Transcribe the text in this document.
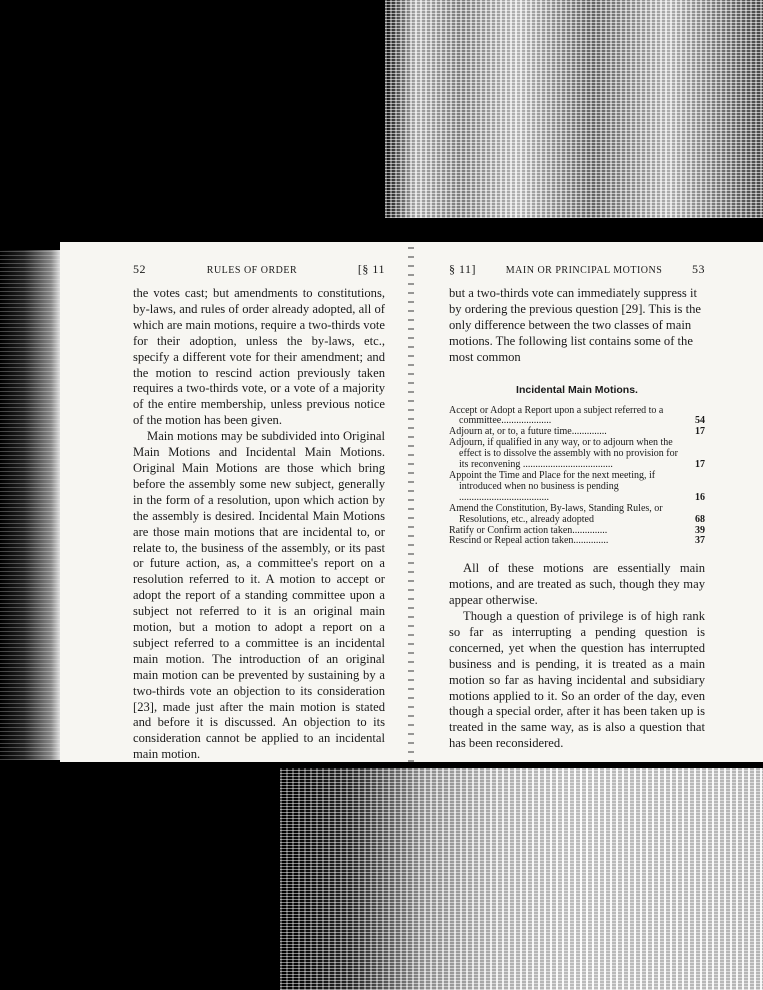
52	RULES OF ORDER	[§ 11

the votes cast; but amendments to constitutions, by-laws, and rules of order already adopted, all of which are main motions, require a two-thirds vote for their adoption, unless the by-laws, etc., specify a different vote for their amendment; and the motion to rescind action previously taken requires a two-thirds vote, or a vote of a majority of the entire membership, unless previous notice of the motion has been given.

Main motions may be subdivided into Original Main Motions and Incidental Main Motions. Original Main Motions are those which bring before the assembly some new subject, generally in the form of a resolution, upon which action by the assembly is desired. Incidental Main Motions are those main motions that are incidental to, or relate to, the business of the assembly, or its past or future action, as, a committee's report on a resolution referred to it. A motion to accept or adopt the report of a standing committee upon a subject not referred to it is an original main motion, but a motion to adopt a report on a subject referred to a committee is an incidental main motion. The introduction of an original main motion can be prevented by sustaining by a two-thirds vote an objection to its consideration [23], made just after the main motion is stated and before it is discussed. An objection to its consideration cannot be applied to an incidental main motion.

§ 11]	MAIN OR PRINCIPAL MOTIONS 53

but a two-thirds vote can immediately suppress it by ordering the previous question [29]. This is the only difference between the two classes of main motions. The following list contains some of the most common

Incidental Main Motions.
Accept or Adopt a Report upon a subject referred to a committee....................	54
Adjourn at, or to, a future time..............	17
Adjourn, if qualified in any way, or to adjourn when the effect is to dissolve the assembly with no provision for its reconvening ....................................	17
Appoint the Time and Place for the next meeting, if introduced when no business is pending ....................................	16
Amend the Constitution, By-laws, Standing Rules, or Resolutions, etc., already adopted	68
Ratify or Confirm action taken..............	39
Rescind or Repeal action taken..............	37

All of these motions are essentially main motions, and are treated as such, though they may appear otherwise.

Though a question of privilege is of high rank so far as interrupting a pending question is concerned, yet when the question has interrupted business and is pending, it is treated as a main motion so far as having incidental and subsidiary motions applied to it. So an order of the day, even though a special order, after it has been taken up is treated in the same way, as is also a question that has been reconsidered.
